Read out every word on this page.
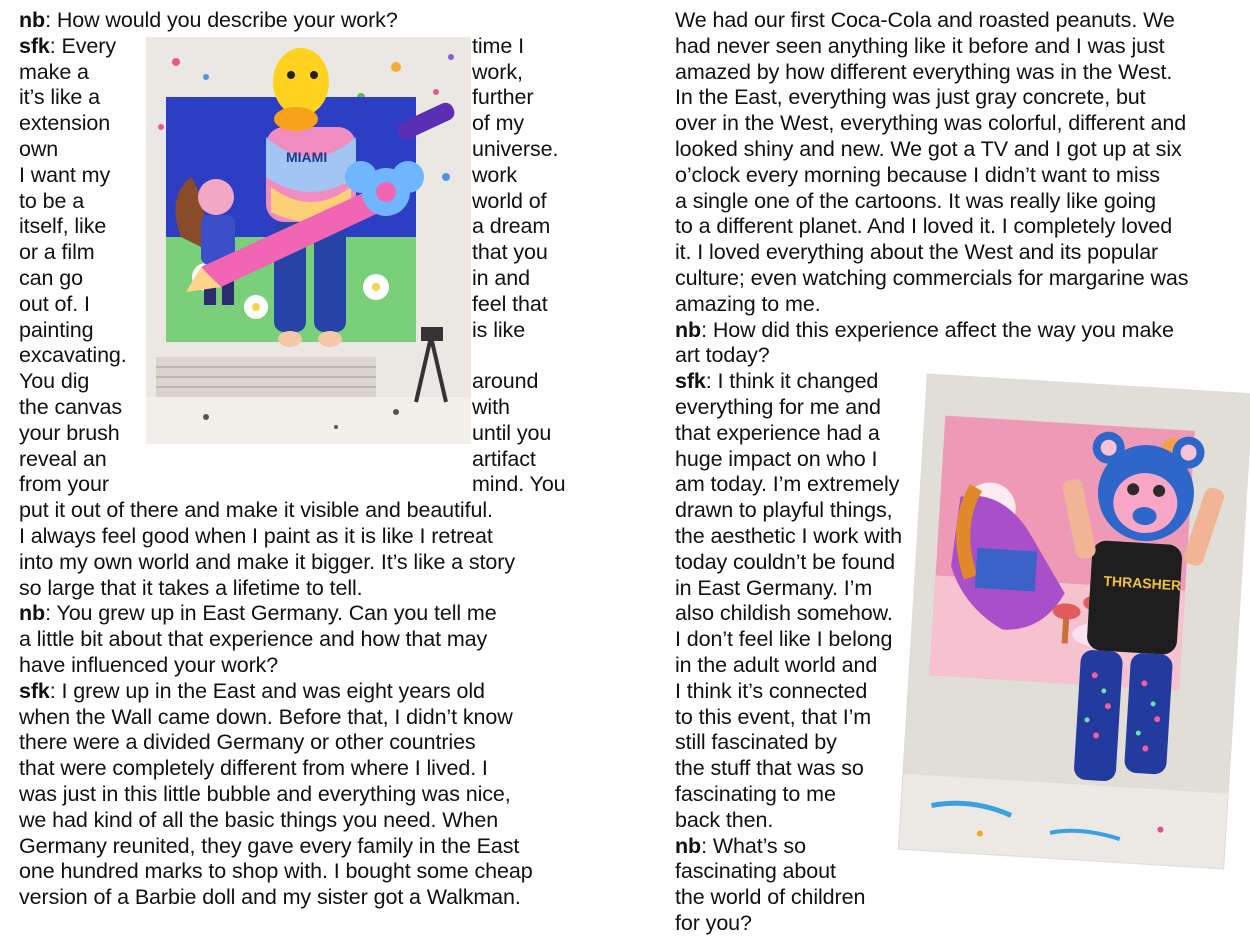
MIAMI
THRASHER
nb: How would you describe your work?
sfk: Every	time I
make a	work,
it’s like a	further
extension	of my
own	universe.
I want my	work
to be a	world of
itself, like	a dream
or a film	that you
can go	in and
out of. I	feel that
painting	is like
excavating.
You dig	around
the canvas	with
your brush	until you
reveal an	artifact
from your	mind. You
put it out of there and make it visible and beautiful.
I always feel good when I paint as it is like I retreat
into my own world and make it bigger. It’s like a story
so large that it takes a lifetime to tell.
nb: You grew up in East Germany. Can you tell me
a little bit about that experience and how that may
have influenced your work?
sfk: I grew up in the East and was eight years old
when the Wall came down. Before that, I didn’t know
there were a divided Germany or other countries
that were completely different from where I lived. I
was just in this little bubble and everything was nice,
we had kind of all the basic things you need. When
Germany reunited, they gave every family in the East
one hundred marks to shop with. I bought some cheap
version of a Barbie doll and my sister got a Walkman.
We had our first Coca-Cola and roasted peanuts. We
had never seen anything like it before and I was just
amazed by how different everything was in the West.
In the East, everything was just gray concrete, but
over in the West, everything was colorful, different and
looked shiny and new. We got a TV and I got up at six
o’clock every morning because I didn’t want to miss
a single one of the cartoons. It was really like going
to a different planet. And I loved it. I completely loved
it. I loved everything about the West and its popular
culture; even watching commercials for margarine was
amazing to me.
nb: How did this experience affect the way you make
art today?
sfk: I think it changed
everything for me and
that experience had a
huge impact on who I
am today. I’m extremely
drawn to playful things,
the aesthetic I work with
today couldn’t be found
in East Germany. I’m
also childish somehow.
I don’t feel like I belong
in the adult world and
I think it’s connected
to this event, that I’m
still fascinated by
the stuff that was so
fascinating to me
back then.
nb: What’s so
fascinating about
the world of children
for you?
